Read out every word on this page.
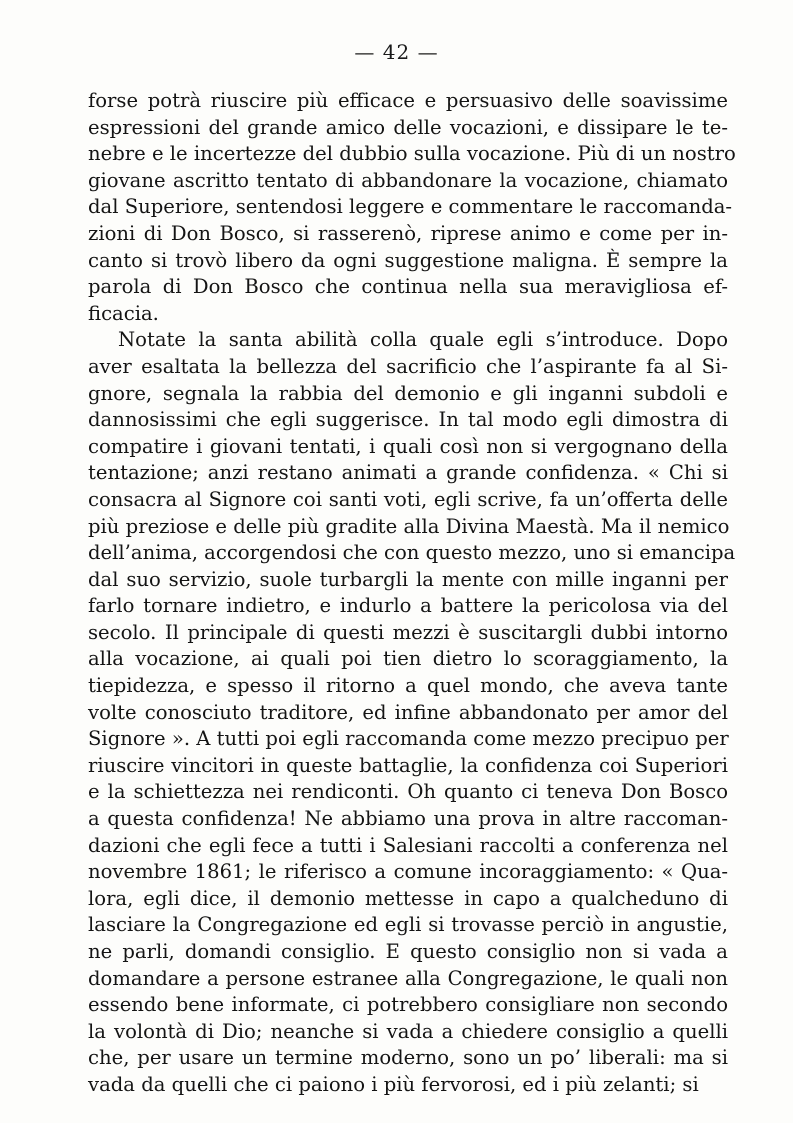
— 42 —
forse potrà riuscire più efficace e persuasivo delle soavissime
espressioni del grande amico delle vocazioni, e dissipare le te-
nebre e le incertezze del dubbio sulla vocazione. Più di un nostro
giovane ascritto tentato di abbandonare la vocazione, chiamato
dal Superiore, sentendosi leggere e commentare le raccomanda-
zioni di Don Bosco, si rasserenò, riprese animo e come per in-
canto si trovò libero da ogni suggestione maligna. È sempre la
parola di Don Bosco che continua nella sua meravigliosa ef-
ficacia.
Notate la santa abilità colla quale egli s’introduce. Dopo
aver esaltata la bellezza del sacrificio che l’aspirante fa al Si-
gnore, segnala la rabbia del demonio e gli inganni subdoli e
dannosissimi che egli suggerisce. In tal modo egli dimostra di
compatire i giovani tentati, i quali così non si vergognano della
tentazione; anzi restano animati a grande confidenza. « Chi si
consacra al Signore coi santi voti, egli scrive, fa un’offerta delle
più preziose e delle più gradite alla Divina Maestà. Ma il nemico
dell’anima, accorgendosi che con questo mezzo, uno si emancipa
dal suo servizio, suole turbargli la mente con mille inganni per
farlo tornare indietro, e indurlo a battere la pericolosa via del
secolo. Il principale di questi mezzi è suscitargli dubbi intorno
alla vocazione, ai quali poi tien dietro lo scoraggiamento, la
tiepidezza, e spesso il ritorno a quel mondo, che aveva tante
volte conosciuto traditore, ed infine abbandonato per amor del
Signore ». A tutti poi egli raccomanda come mezzo precipuo per
riuscire vincitori in queste battaglie, la confidenza coi Superiori
e la schiettezza nei rendiconti. Oh quanto ci teneva Don Bosco
a questa confidenza! Ne abbiamo una prova in altre raccoman-
dazioni che egli fece a tutti i Salesiani raccolti a conferenza nel
novembre 1861; le riferisco a comune incoraggiamento: « Qua-
lora, egli dice, il demonio mettesse in capo a qualcheduno di
lasciare la Congregazione ed egli si trovasse perciò in angustie,
ne parli, domandi consiglio. E questo consiglio non si vada a
domandare a persone estranee alla Congregazione, le quali non
essendo bene informate, ci potrebbero consigliare non secondo
la volontà di Dio; neanche si vada a chiedere consiglio a quelli
che, per usare un termine moderno, sono un po’ liberali: ma si
vada da quelli che ci paiono i più fervorosi, ed i più zelanti; si
